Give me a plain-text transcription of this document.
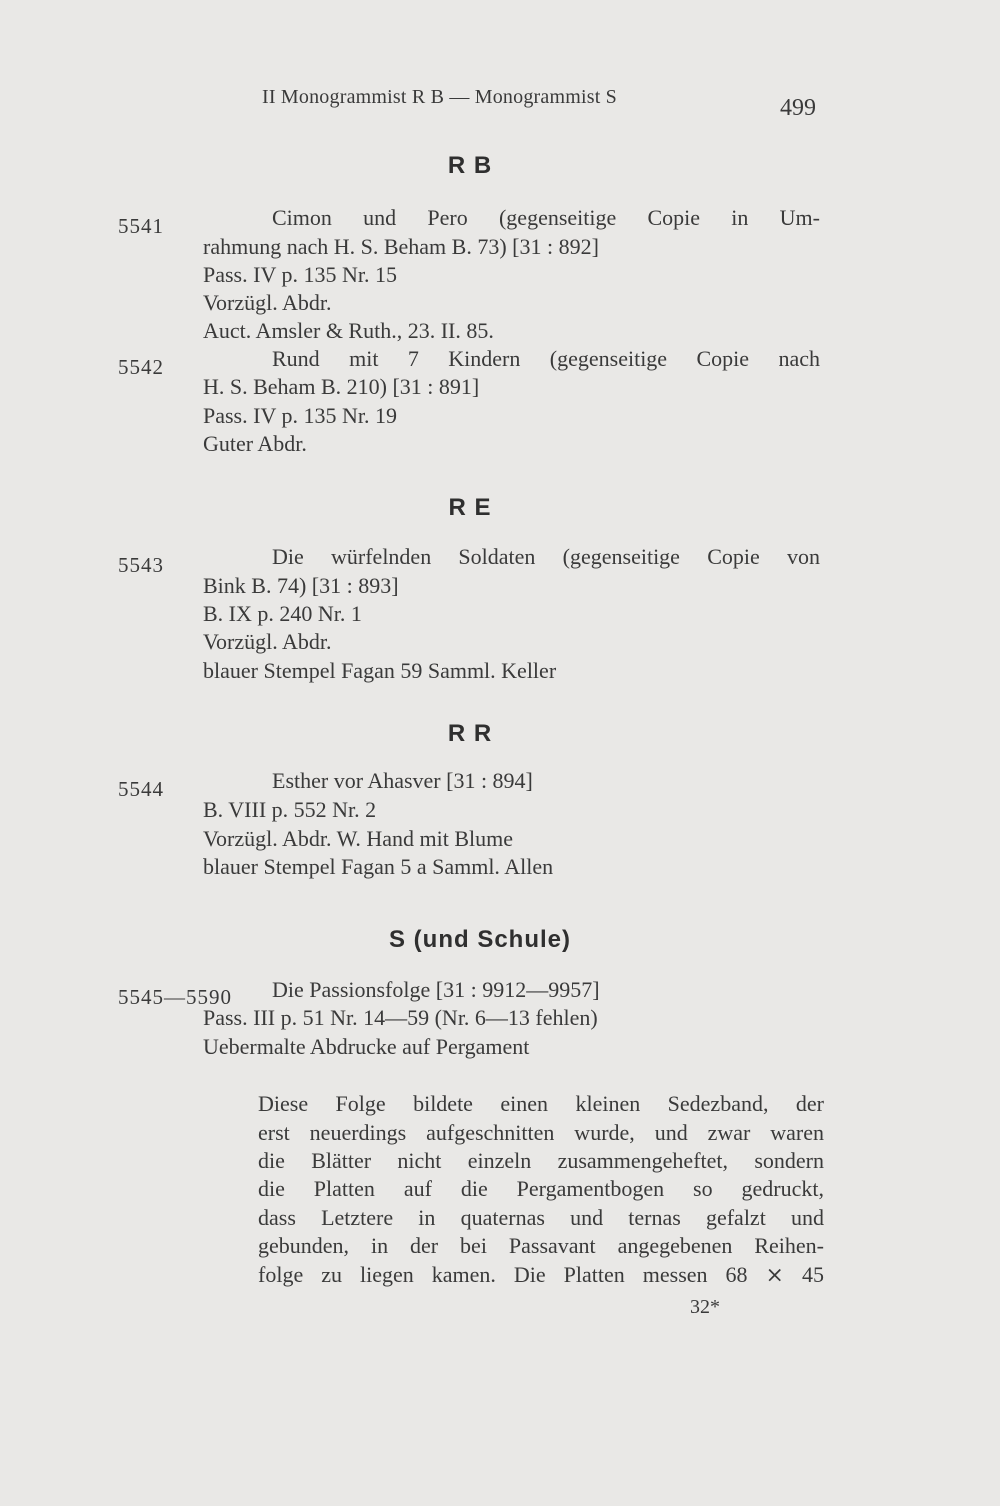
II Monogrammist R B — Monogrammist S	499
R B
5541	Cimon und Pero (gegenseitige Copie in Um-
rahmung nach H. S. Beham B. 73) [31 : 892]
Pass. IV p. 135 Nr. 15
Vorzügl. Abdr.
Auct. Amsler & Ruth., 23. II. 85.
5542	Rund mit 7 Kindern (gegenseitige Copie nach
H. S. Beham B. 210) [31 : 891]
Pass. IV p. 135 Nr. 19
Guter Abdr.
R E
5543	Die würfelnden Soldaten (gegenseitige Copie von
Bink B. 74) [31 : 893]
B. IX p. 240 Nr. 1
Vorzügl. Abdr.
blauer Stempel Fagan 59 Samml. Keller
R R
5544	Esther vor Ahasver [31 : 894]
B. VIII p. 552 Nr. 2
Vorzügl. Abdr. W. Hand mit Blume
blauer Stempel Fagan 5 a Samml. Allen
S (und Schule)
5545—5590 Die Passionsfolge [31 : 9912—9957]
Pass. III p. 51 Nr. 14—59 (Nr. 6—13 fehlen)
Uebermalte Abdrucke auf Pergament
Diese Folge bildete einen kleinen Sedezband, der
erst neuerdings aufgeschnitten wurde, und zwar waren
die Blätter nicht einzeln zusammengeheftet, sondern
die Platten auf die Pergamentbogen so gedruckt,
dass Letztere in quaternas und ternas gefalzt und
gebunden, in der bei Passavant angegebenen Reihen-
folge zu liegen kamen. Die Platten messen 68 ⨯ 45
32*
